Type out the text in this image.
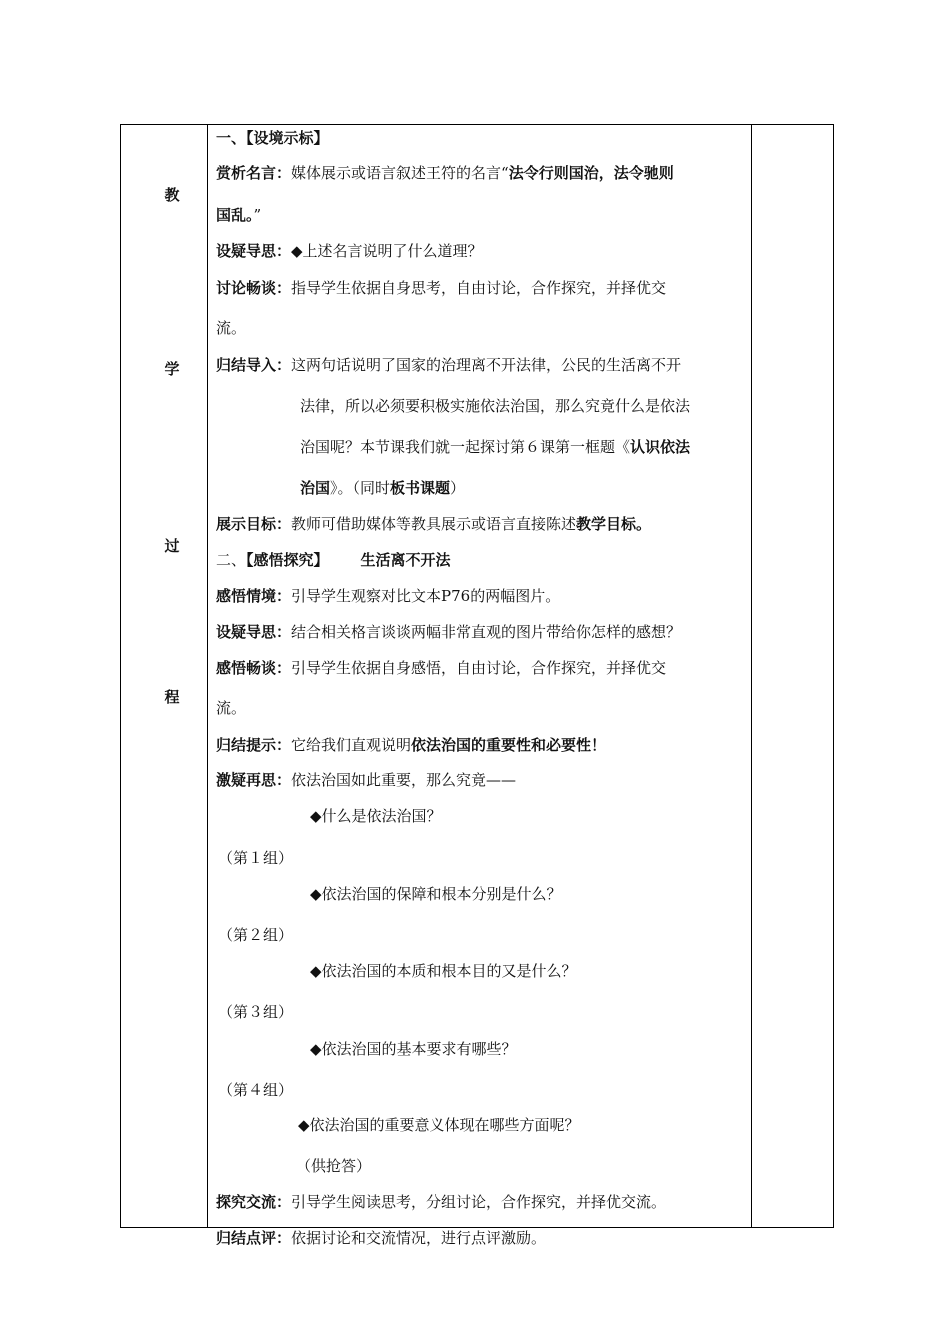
教
学
过
程
一、【设境示标】
赏析名言：媒体展示或语言叙述王符的名言“法令行则国治，法令驰则
国乱。”
设疑导思：◆上述名言说明了什么道理？
讨论畅谈：指导学生依据自身思考，自由讨论，合作探究，并择优交
流。
归结导入：这两句话说明了国家的治理离不开法律，公民的生活离不开
法律，所以必须要积极实施依法治国，那么究竟什么是依法
治国呢？本节课我们就一起探讨第６课第一框题《认识依法
治国》。（同时板书课题）
展示目标：教师可借助媒体等教具展示或语言直接陈述教学目标。
二、【感悟探究】 生活离不开法
感悟情境：引导学生观察对比文本P76的两幅图片。
设疑导思：结合相关格言谈谈两幅非常直观的图片带给你怎样的感想？
感悟畅谈：引导学生依据自身感悟，自由讨论，合作探究，并择优交
流。
归结提示：它给我们直观说明依法治国的重要性和必要性！
激疑再思：依法治国如此重要，那么究竟——
◆什么是依法治国？
（第１组）
◆依法治国的保障和根本分别是什么？
（第２组）
◆依法治国的本质和根本目的又是什么？
（第３组）
◆依法治国的基本要求有哪些？
（第４组）
◆依法治国的重要意义体现在哪些方面呢？
（供抢答）
探究交流：引导学生阅读思考，分组讨论，合作探究，并择优交流。
归结点评：依据讨论和交流情况，进行点评激励。
